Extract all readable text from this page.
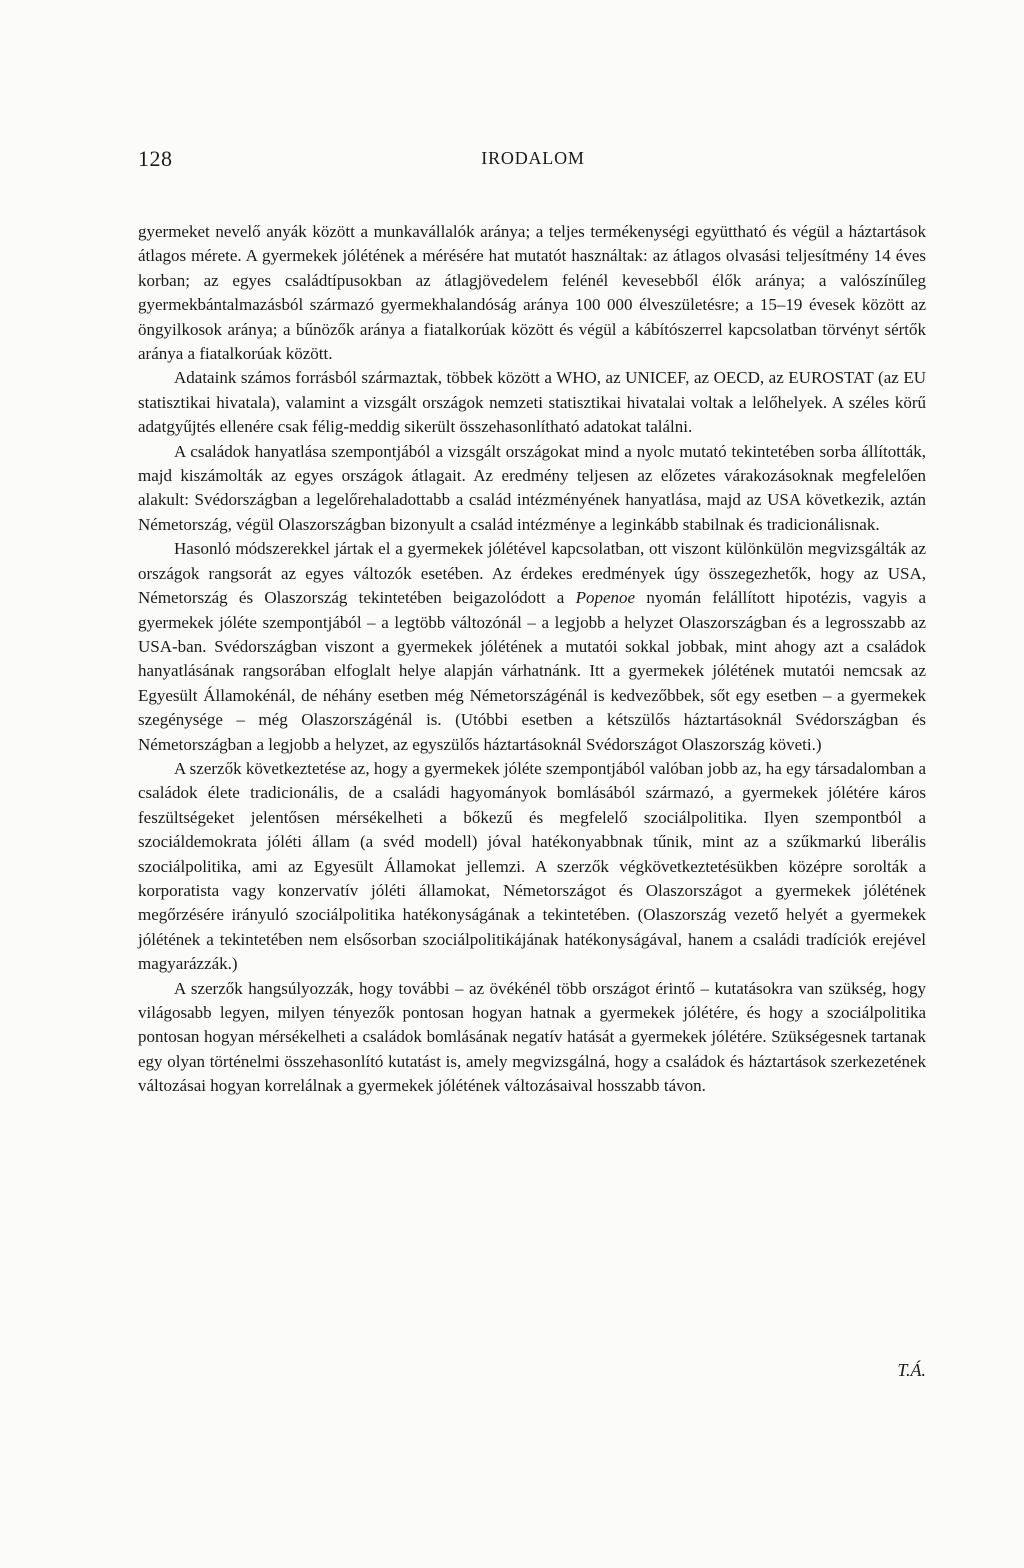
128	IRODALOM

gyermeket nevelő anyák között a munkavállalók aránya; a teljes termékenységi együttható és végül a háztartások átlagos mérete. A gyermekek jólétének a mérésére hat mutatót használtak: az átlagos olvasási teljesítmény 14 éves korban; az egyes családtípusokban az átlagjövedelem felénél kevesebből élők aránya; a valószínűleg gyermekbántalmazásból származó gyermekhalandóság aránya 100 000 élveszületésre; a 15–19 évesek között az öngyilkosok aránya; a bűnözők aránya a fiatalkorúak között és végül a kábítószerrel kapcsolatban törvényt sértők aránya a fiatalkorúak között.

Adataink számos forrásból származtak, többek között a WHO, az UNICEF, az OECD, az EUROSTAT (az EU statisztikai hivatala), valamint a vizsgált országok nemzeti statisztikai hivatalai voltak a lelőhelyek. A széles körű adatgyűjtés ellenére csak félig-meddig sikerült összehasonlítható adatokat találni.

A családok hanyatlása szempontjából a vizsgált országokat mind a nyolc mutató tekintetében sorba állították, majd kiszámolták az egyes országok átlagait. Az eredmény teljesen az előzetes várakozásoknak megfelelően alakult: Svédországban a legelőrehaladottabb a család intézményének hanyatlása, majd az USA következik, aztán Németország, végül Olaszországban bizonyult a család intézménye a leginkább stabilnak és tradicionálisnak.

Hasonló módszerekkel jártak el a gyermekek jólétével kapcsolatban, ott viszont különkülön megvizsgálták az országok rangsorát az egyes változók esetében. Az érdekes eredmények úgy összegezhetők, hogy az USA, Németország és Olaszország tekintetében beigazolódott a Popenoe nyomán felállított hipotézis, vagyis a gyermekek jóléte szempontjából – a legtöbb változónál – a legjobb a helyzet Olaszországban és a legrosszabb az USA-ban. Svédországban viszont a gyermekek jólétének a mutatói sokkal jobbak, mint ahogy azt a családok hanyatlásának rangsorában elfoglalt helye alapján várhatnánk. Itt a gyermekek jólétének mutatói nemcsak az Egyesült Államokénál, de néhány esetben még Németországénál is kedvezőbbek, sőt egy esetben – a gyermekek szegénysége – még Olaszországénál is. (Utóbbi esetben a kétszülős háztartásoknál Svédországban és Németországban a legjobb a helyzet, az egyszülős háztartásoknál Svédországot Olaszország követi.)

A szerzők következtetése az, hogy a gyermekek jóléte szempontjából valóban jobb az, ha egy társadalomban a családok élete tradicionális, de a családi hagyományok bomlásából származó, a gyermekek jólétére káros feszültségeket jelentősen mérsékelheti a bőkezű és megfelelő szociálpolitika. Ilyen szempontból a szociáldemokrata jóléti állam (a svéd modell) jóval hatékonyabbnak tűnik, mint az a szűkmarkú liberális szociálpolitika, ami az Egyesült Államokat jellemzi. A szerzők végkövetkeztetésükben középre sorolták a korporatista vagy konzervatív jóléti államokat, Németországot és Olaszországot a gyermekek jólétének megőrzésére irányuló szociálpolitika hatékonyságának a tekintetében. (Olaszország vezető helyét a gyermekek jólétének a tekintetében nem elsősorban szociálpolitikájának hatékonyságával, hanem a családi tradíciók erejével magyarázzák.)

A szerzők hangsúlyozzák, hogy további – az övékénél több országot érintő – kutatásokra van szükség, hogy világosabb legyen, milyen tényezők pontosan hogyan hatnak a gyermekek jólétére, és hogy a szociálpolitika pontosan hogyan mérsékelheti a családok bomlásának negatív hatását a gyermekek jólétére. Szükségesnek tartanak egy olyan történelmi összehasonlító kutatást is, amely megvizsgálná, hogy a családok és háztartások szerkezetének változásai hogyan korrelálnak a gyermekek jólétének változásaival hosszabb távon.

T.Á.
